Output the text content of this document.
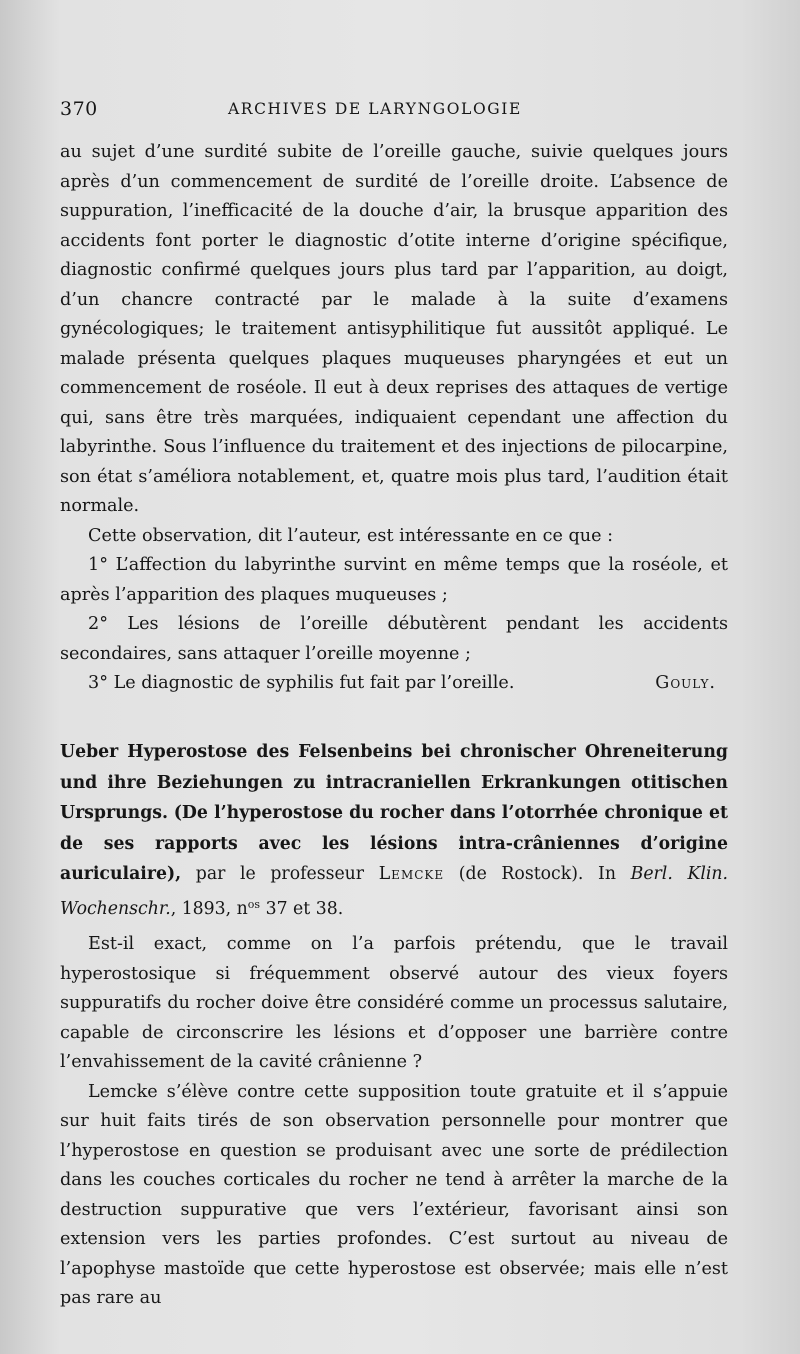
370	ARCHIVES DE LARYNGOLOGIE

au sujet d’une surdité subite de l’oreille gauche, suivie quelques jours après d’un commencement de surdité de l’oreille droite. L’absence de suppuration, l’inefficacité de la douche d’air, la brusque apparition des accidents font porter le diagnostic d’otite interne d’origine spécifique, diagnostic confirmé quelques jours plus tard par l’apparition, au doigt, d’un chancre contracté par le malade à la suite d’examens gynécologiques; le traitement antisyphilitique fut aussitôt appliqué. Le malade présenta quelques plaques muqueuses pharyngées et eut un commencement de roséole. Il eut à deux reprises des attaques de vertige qui, sans être très marquées, indiquaient cependant une affection du labyrinthe. Sous l’influence du traitement et des injections de pilocarpine, son état s’améliora notablement, et, quatre mois plus tard, l’audition était normale.

Cette observation, dit l’auteur, est intéressante en ce que :

1° L’affection du labyrinthe survint en même temps que la roséole, et après l’apparition des plaques muqueuses ;

2° Les lésions de l’oreille débutèrent pendant les accidents secondaires, sans attaquer l’oreille moyenne ;

3° Le diagnostic de syphilis fut fait par l’oreille.	Gouly.
Ueber Hyperostose des Felsenbeins bei chronischer Ohreneiterung und ihre Beziehungen zu intracraniellen Erkrankungen otitischen Ursprungs. (De l’hyperostose du rocher dans l’otorrhée chronique et de ses rapports avec les lésions intra-crâniennes d’origine auriculaire), par le professeur Lemcke (de Rostock). In Berl. Klin. Wochenschr., 1893, $n^{os}$ 37 et 38.

Est-il exact, comme on l’a parfois prétendu, que le travail hyperostosique si fréquemment observé autour des vieux foyers suppuratifs du rocher doive être considéré comme un processus salutaire, capable de circonscrire les lésions et d’opposer une barrière contre l’envahissement de la cavité crânienne ?

Lemcke s’élève contre cette supposition toute gratuite et il s’appuie sur huit faits tirés de son observation personnelle pour montrer que l’hyperostose en question se produisant avec une sorte de prédilection dans les couches corticales du rocher ne tend à arrêter la marche de la destruction suppurative que vers l’extérieur, favorisant ainsi son extension vers les parties profondes. C’est surtout au niveau de l’apophyse mastoïde que cette hyperostose est observée; mais elle n’est pas rare au
